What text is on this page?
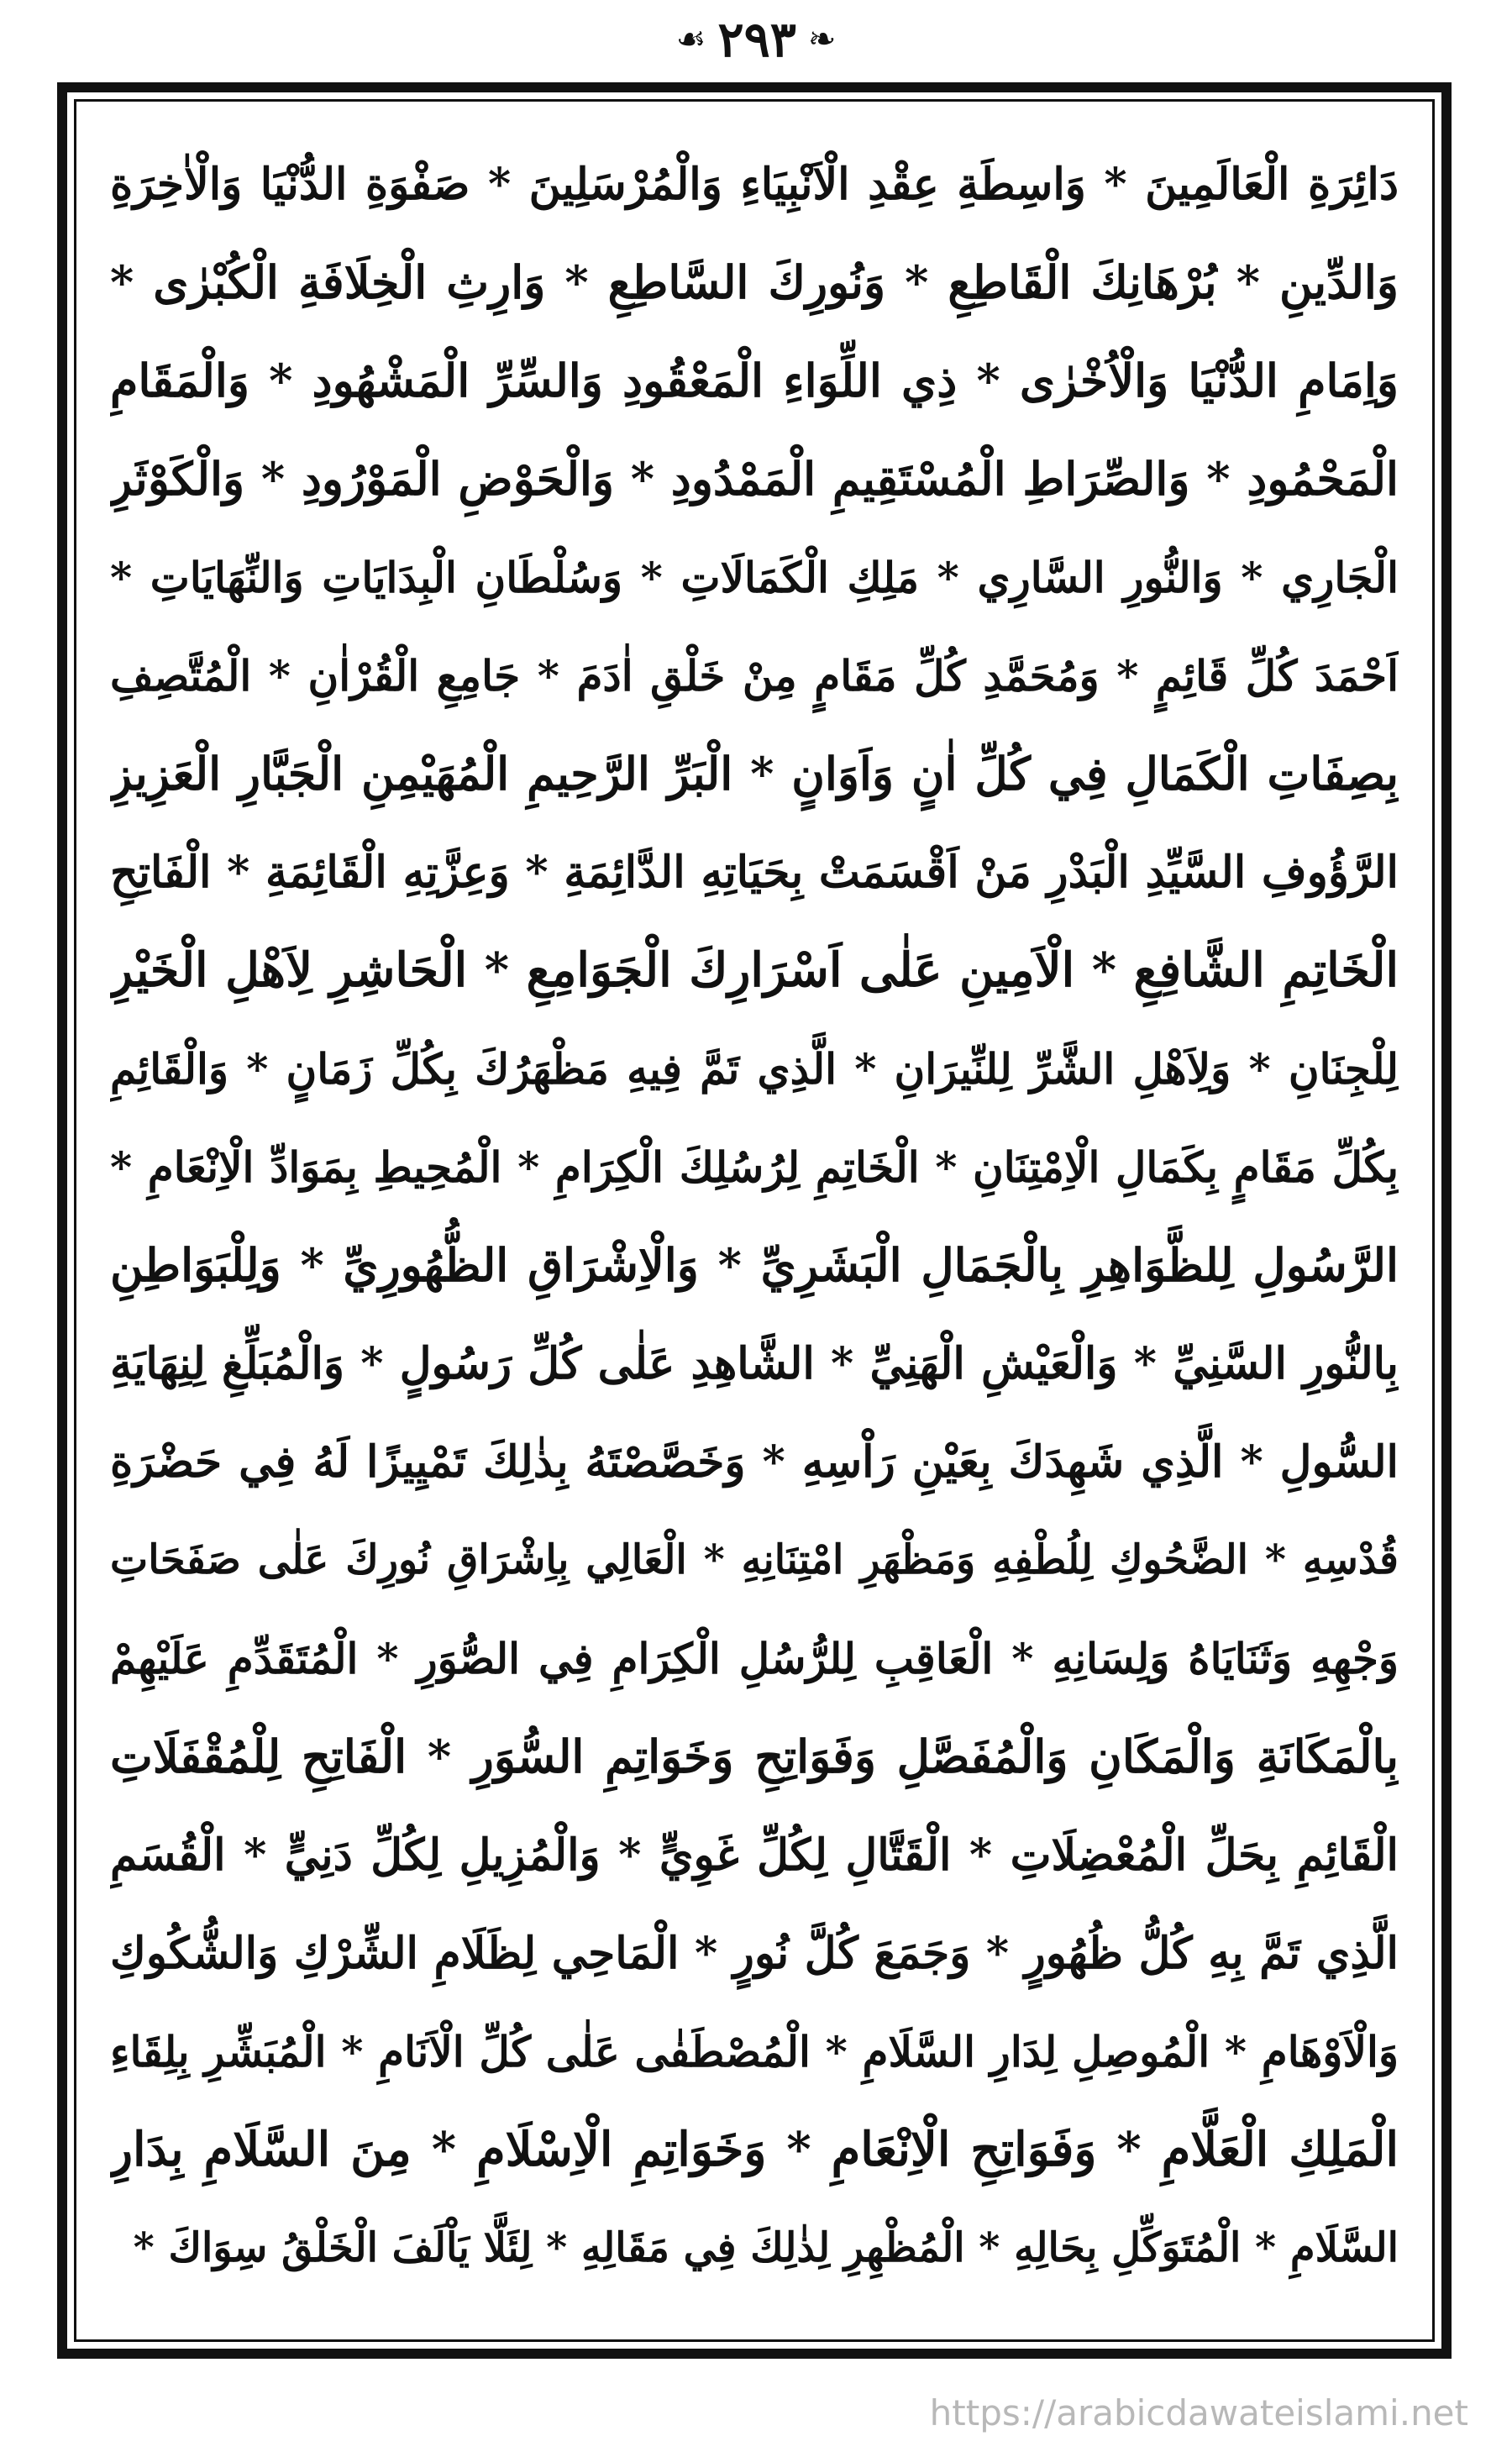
❧
٢٩٣
☙
دَائِرَةِ الْعَالَمِينَ * وَاسِطَةِ عِقْدِ الْاَنْبِيَاءِ وَالْمُرْسَلِينَ * صَفْوَةِ الدُّنْيَا وَالْاٰخِرَةِ
وَالدِّينِ * بُرْهَانِكَ الْقَاطِعِ * وَنُورِكَ السَّاطِعِ * وَارِثِ الْخِلَافَةِ الْكُبْرٰى *
وَاِمَامِ الدُّنْيَا وَالْاُخْرٰى * ذِي اللِّوَاءِ الْمَعْقُودِ وَالسِّرِّ الْمَشْهُودِ * وَالْمَقَامِ
الْمَحْمُودِ * وَالصِّرَاطِ الْمُسْتَقِيمِ الْمَمْدُودِ * وَالْحَوْضِ الْمَوْرُودِ * وَالْكَوْثَرِ
الْجَارِي * وَالنُّورِ السَّارِي * مَلِكِ الْكَمَالَاتِ * وَسُلْطَانِ الْبِدَايَاتِ وَالنِّهَايَاتِ *
اَحْمَدَ كُلِّ قَائِمٍ * وَمُحَمَّدِ كُلِّ مَقَامٍ مِنْ خَلْقِ اٰدَمَ * جَامِعِ الْقُرْاٰنِ * الْمُتَّصِفِ
بِصِفَاتِ الْكَمَالِ فِي كُلِّ اٰنٍ وَاَوَانٍ * الْبَرِّ الرَّحِيمِ الْمُهَيْمِنِ الْجَبَّارِ الْعَزِيزِ
الرَّؤُوفِ السَّيِّدِ الْبَدْرِ مَنْ اَقْسَمَتْ بِحَيَاتِهِ الدَّائِمَةِ * وَعِزَّتِهِ الْقَائِمَةِ * الْفَاتِحِ
الْخَاتِمِ الشَّافِعِ * الْاَمِينِ عَلٰى اَسْرَارِكَ الْجَوَامِعِ * الْحَاشِرِ لِاَهْلِ الْخَيْرِ
لِلْجِنَانِ * وَلِاَهْلِ الشَّرِّ لِلنِّيرَانِ * الَّذِي تَمَّ فِيهِ مَظْهَرُكَ بِكُلِّ زَمَانٍ * وَالْقَائِمِ
بِكُلِّ مَقَامٍ بِكَمَالِ الْاِمْتِنَانِ * الْخَاتِمِ لِرُسُلِكَ الْكِرَامِ * الْمُحِيطِ بِمَوَادِّ الْاِنْعَامِ *
الرَّسُولِ لِلظَّوَاهِرِ بِالْجَمَالِ الْبَشَرِيِّ * وَالْاِشْرَاقِ الظُّهُورِيِّ * وَلِلْبَوَاطِنِ
بِالنُّورِ السَّنِيِّ * وَالْعَيْشِ الْهَنِيِّ * الشَّاهِدِ عَلٰى كُلِّ رَسُولٍ * وَالْمُبَلِّغِ لِنِهَايَةِ
السُّولِ * الَّذِي شَهِدَكَ بِعَيْنِ رَاْسِهِ * وَخَصَّصْتَهُ بِذٰلِكَ تَمْيِيزًا لَهُ فِي حَضْرَةِ
قُدْسِهِ * الضَّحُوكِ لِلُطْفِهِ وَمَظْهَرِ امْتِنَانِهِ * الْعَالِي بِاِشْرَاقِ نُورِكَ عَلٰى صَفَحَاتِ
وَجْهِهِ وَثَنَايَاهُ وَلِسَانِهِ * الْعَاقِبِ لِلرُّسُلِ الْكِرَامِ فِي الصُّوَرِ * الْمُتَقَدِّمِ عَلَيْهِمْ
بِالْمَكَانَةِ وَالْمَكَانِ وَالْمُفَصَّلِ وَفَوَاتِحِ وَخَوَاتِمِ السُّوَرِ * الْفَاتِحِ لِلْمُقْفَلَاتِ
الْقَائِمِ بِحَلِّ الْمُعْضِلَاتِ * الْقَتَّالِ لِكُلِّ غَوِيٍّ * وَالْمُزِيلِ لِكُلِّ دَنِيٍّ * الْقُسَمِ
الَّذِي تَمَّ بِهِ كُلُّ ظُهُورٍ * وَجَمَعَ كُلَّ نُورٍ * الْمَاحِي لِظَلَامِ الشِّرْكِ وَالشُّكُوكِ
وَالْاَوْهَامِ * الْمُوصِلِ لِدَارِ السَّلَامِ * الْمُصْطَفٰى عَلٰى كُلِّ الْاَنَامِ * الْمُبَشِّرِ بِلِقَاءِ
الْمَلِكِ الْعَلَّامِ * وَفَوَاتِحِ الْاِنْعَامِ * وَخَوَاتِمِ الْاِسْلَامِ * مِنَ السَّلَامِ بِدَارِ
السَّلَامِ * الْمُتَوَكِّلِ بِحَالِهِ * الْمُظْهِرِ لِذٰلِكَ فِي مَقَالِهِ * لِئَلَّا يَاْلَفَ الْخَلْقُ سِوَاكَ *
https://arabicdawateislami.net
